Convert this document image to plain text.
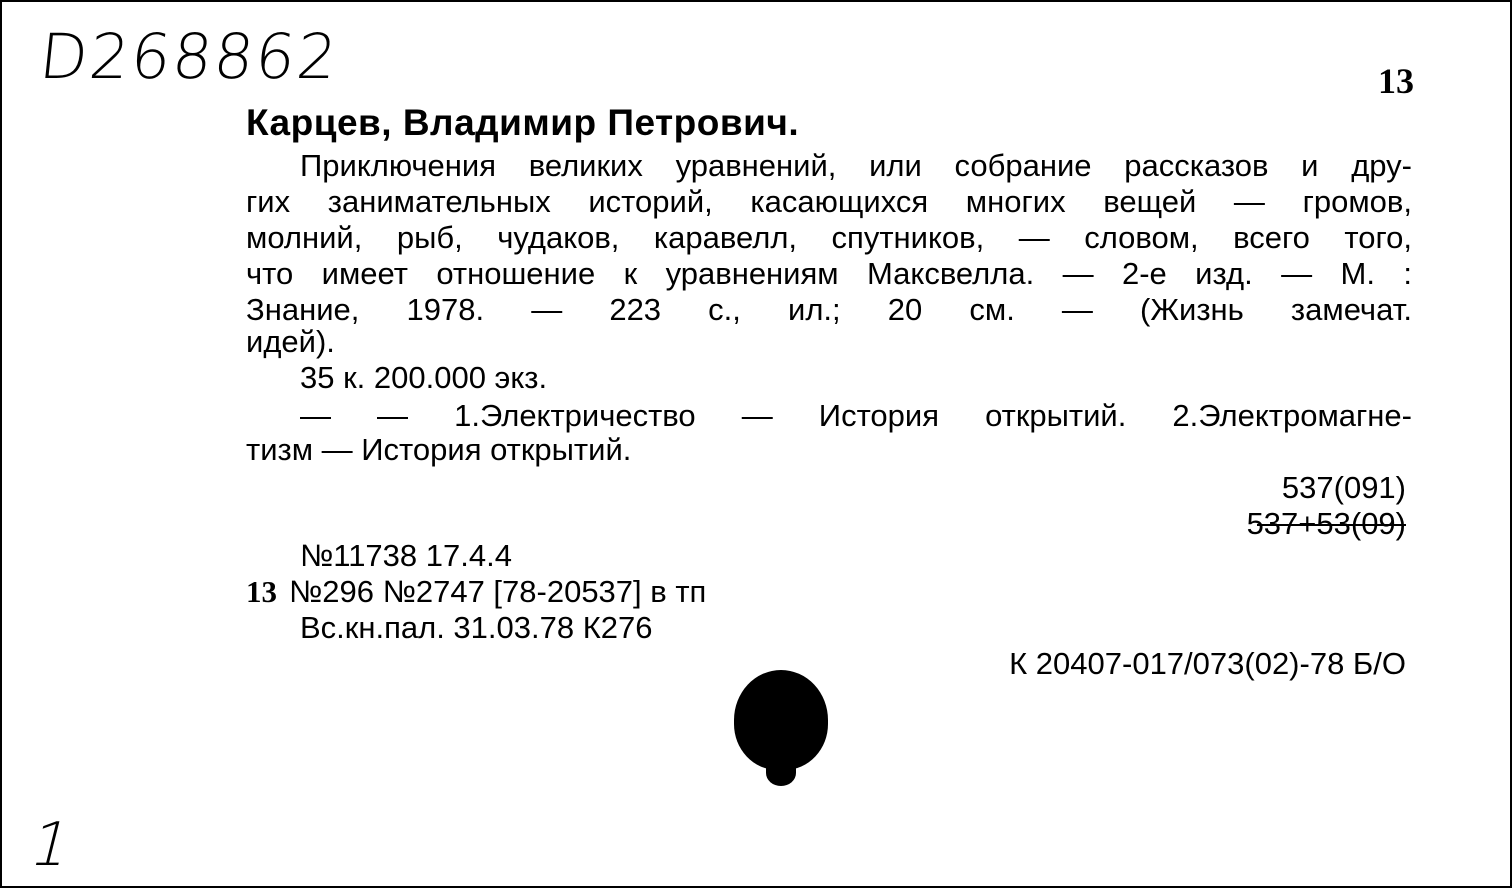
D268862	13
Карцев, Владимир Петрович.
Приключения великих уравнений, или собрание рассказов и дру-
гих занимательных историй, касающихся многих вещей — громов,
молний, рыб, чудаков, каравелл, спутников, — словом, всего того,
что имеет отношение к уравнениям Максвелла. — 2-е изд. — М. :
Знание, 1978. — 223 с., ил.; 20 см. — (Жизнь замечат.
идей).
35 к. 200.000 экз.
— — 1.Электричество — История открытий. 2.Электромагне-
тизм — История открытий.
537(091)
537+53(09)
№11738 17.4.4
13 №296 №2747 [78-20537] в тп
Вс.кн.пал. 31.03.78 К276
К 20407-017/073(02)-78 Б/О
1
